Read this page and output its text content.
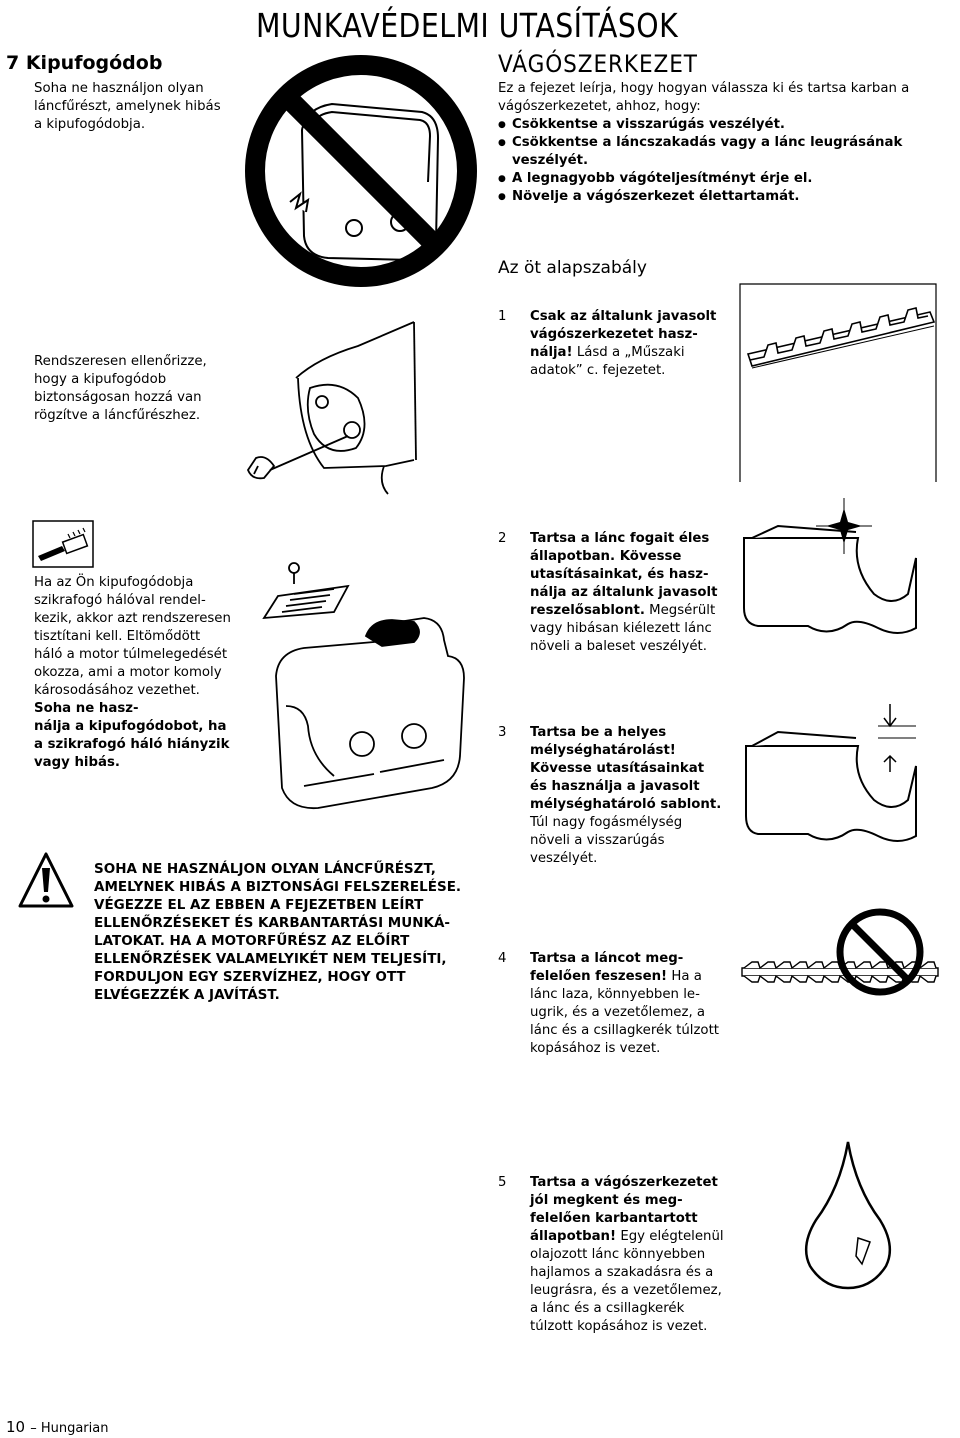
MUNKAVÉDELMI UTASÍTÁSOK
7 Kipufogódob
Soha ne használjon olyan
láncfűrészt, amelynek hibás
a kipufogódobja.
Rendszeresen ellenőrizze,
hogy a kipufogódob
biztonságosan hozzá van
rögzítve a láncfűrészhez.
Ha az Ön kipufogódobja
szikrafogó hálóval rendel-
kezik, akkor azt rendszeresen
tisztítani kell. Eltömődött
háló a motor túlmelegedését
okozza, ami a motor komoly
károsodásához vezethet.
Soha ne hasz-
nálja a kipufogódobot, ha
a szikrafogó háló hiányzik
vagy hibás.
SOHA NE HASZNÁLJON OLYAN LÁNCFŰRÉSZT,
AMELYNEK HIBÁS A BIZTONSÁGI FELSZERELÉSE.
VÉGEZZE EL AZ EBBEN A FEJEZETBEN LEÍRT
ELLENŐRZÉSEKET ÉS KARBANTARTÁSI MUNKÁ-
LATOKAT. HA A MOTORFŰRÉSZ AZ ELŐÍRT
ELLENŐRZÉSEK VALAMELYIKÉT NEM TELJESÍTI,
FORDULJON EGY SZERVÍZHEZ, HOGY OTT
ELVÉGEZZÉK A JAVÍTÁST.
VÁGÓSZERKEZET
Ez a fejezet leírja, hogy hogyan válassza ki és tartsa karban a
vágószerkezetet, ahhoz, hogy:
● Csökkentse a visszarúgás veszélyét.
● Csökkentse a láncszakadás vagy a lánc leugrásának
veszélyét.
● A legnagyobb vágóteljesítményt érje el.
● Növelje a vágószerkezet élettartamát.
Az öt alapszabály
1 Csak az általunk javasolt
vágószerkezetet hasz-
nálja! Lásd a „Műszaki
adatok” c. fejezetet.
2 Tartsa a lánc fogait éles
állapotban. Kövesse
utasításainkat, és hasz-
nálja az általunk javasolt
reszelősablont. Megsérült
vagy hibásan kiélezett lánc
növeli a baleset veszélyét.
3 Tartsa be a helyes
mélységhatárolást!
Kövesse utasításainkat
és használja a javasolt
mélységhatároló sablont.
Túl nagy fogásmélység
növeli a visszarúgás
veszélyét.
4 Tartsa a láncot meg-
felelően feszesen! Ha a
lánc laza, könnyebben le-
ugrik, és a vezetőlemez, a
lánc és a csillagkerék túlzott
kopásához is vezet.
5 Tartsa a vágószerkezetet
jól megkent és meg-
felelően karbantartott
állapotban! Egy elégtelenül
olajozott lánc könnyebben
hajlamos a szakadásra és a
leugrásra, és a vezetőlemez,
a lánc és a csillagkerék
túlzott kopásához is vezet.
10 – Hungarian
